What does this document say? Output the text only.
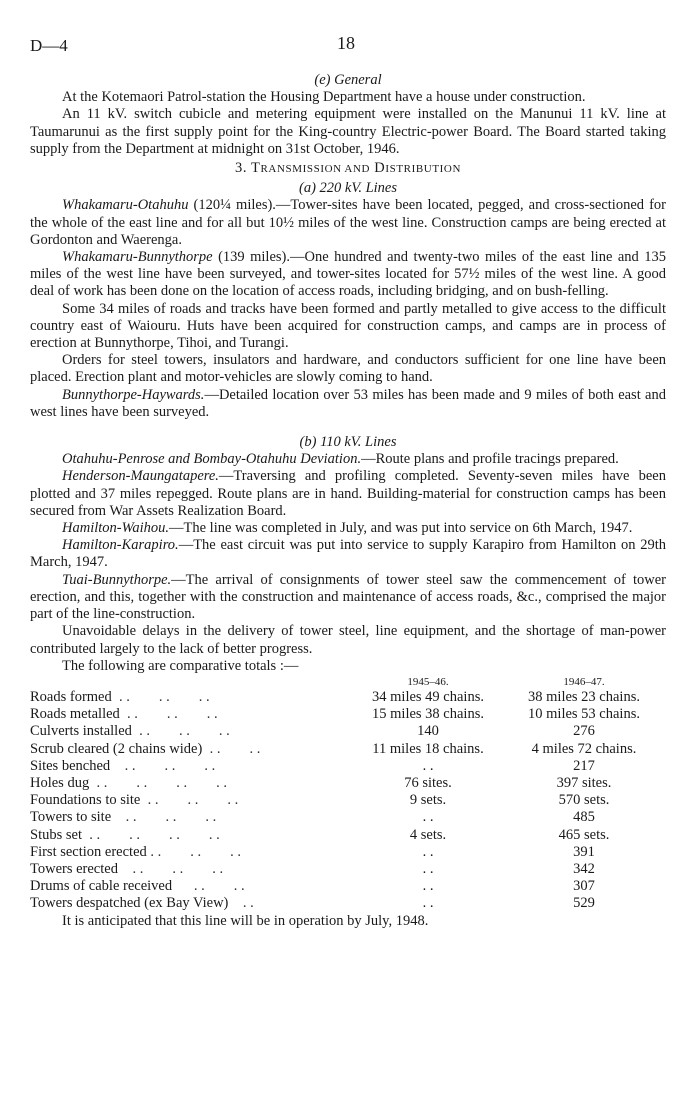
D—4	18

(e) General

At the Kotemaori Patrol-station the Housing Department have a house under construction.

An 11 kV. switch cubicle and metering equipment were installed on the Manunui 11 kV. line at Taumarunui as the first supply point for the King-country Electric-power Board. The Board started taking supply from the Department at midnight on 31st October, 1946.

3. TRANSMISSION AND DISTRIBUTION

(a) 220 kV. Lines

Whakamaru-Otahuhu (120¼ miles).—Tower-sites have been located, pegged, and cross-sectioned for the whole of the east line and for all but 10½ miles of the west line. Construction camps are being erected at Gordonton and Waerenga.

Whakamaru-Bunnythorpe (139 miles).—One hundred and twenty-two miles of the east line and 135 miles of the west line have been surveyed, and tower-sites located for 57½ miles of the west line. A good deal of work has been done on the location of access roads, including bridging, and on bush-felling.

Some 34 miles of roads and tracks have been formed and partly metalled to give access to the difficult country east of Waiouru. Huts have been acquired for construction camps, and camps are in process of erection at Bunnythorpe, Tihoi, and Turangi.

Orders for steel towers, insulators and hardware, and conductors sufficient for one line have been placed. Erection plant and motor-vehicles are slowly coming to hand.

Bunnythorpe-Haywards.—Detailed location over 53 miles has been made and 9 miles of both east and west lines have been surveyed.

(b) 110 kV. Lines

Otahuhu-Penrose and Bombay-Otahuhu Deviation.—Route plans and profile tracings prepared.

Henderson-Maungatapere.—Traversing and profiling completed. Seventy-seven miles have been plotted and 37 miles repegged. Route plans are in hand. Building-material for construction camps has been secured from War Assets Realization Board.

Hamilton-Waihou.—The line was completed in July, and was put into service on 6th March, 1947.

Hamilton-Karapiro.—The east circuit was put into service to supply Karapiro from Hamilton on 29th March, 1947.

Tuai-Bunnythorpe.—The arrival of consignments of tower steel saw the commencement of tower erection, and this, together with the construction and maintenance of access roads, &c., comprised the major part of the line-construction.

Unavoidable delays in the delivery of tower steel, line equipment, and the shortage of man-power contributed largely to the lack of better progress.

The following are comparative totals :—

1945–46.	1946–47.
Roads formed  . .        . .        . .	34 miles 49 chains.	38 miles 23 chains.
Roads metalled  . .        . .        . .	15 miles 38 chains.	10 miles 53 chains.
Culverts installed  . .        . .        . .	140	276
Scrub cleared (2 chains wide)  . .        . .	11 miles 18 chains.	4 miles 72 chains.
Sites benched    . .        . .        . .	. .	217
Holes dug  . .        . .        . .        . .	76 sites.	397 sites.
Foundations to site  . .        . .        . .	9 sets.	570 sets.
Towers to site    . .        . .        . .	. .	485
Stubs set  . .        . .        . .        . .	4 sets.	465 sets.
First section erected . .        . .        . .	. .	391
Towers erected    . .        . .        . .	. .	342
Drums of cable received      . .        . .	. .	307
Towers despatched (ex Bay View)    . .	. .	529

It is anticipated that this line will be in operation by July, 1948.
